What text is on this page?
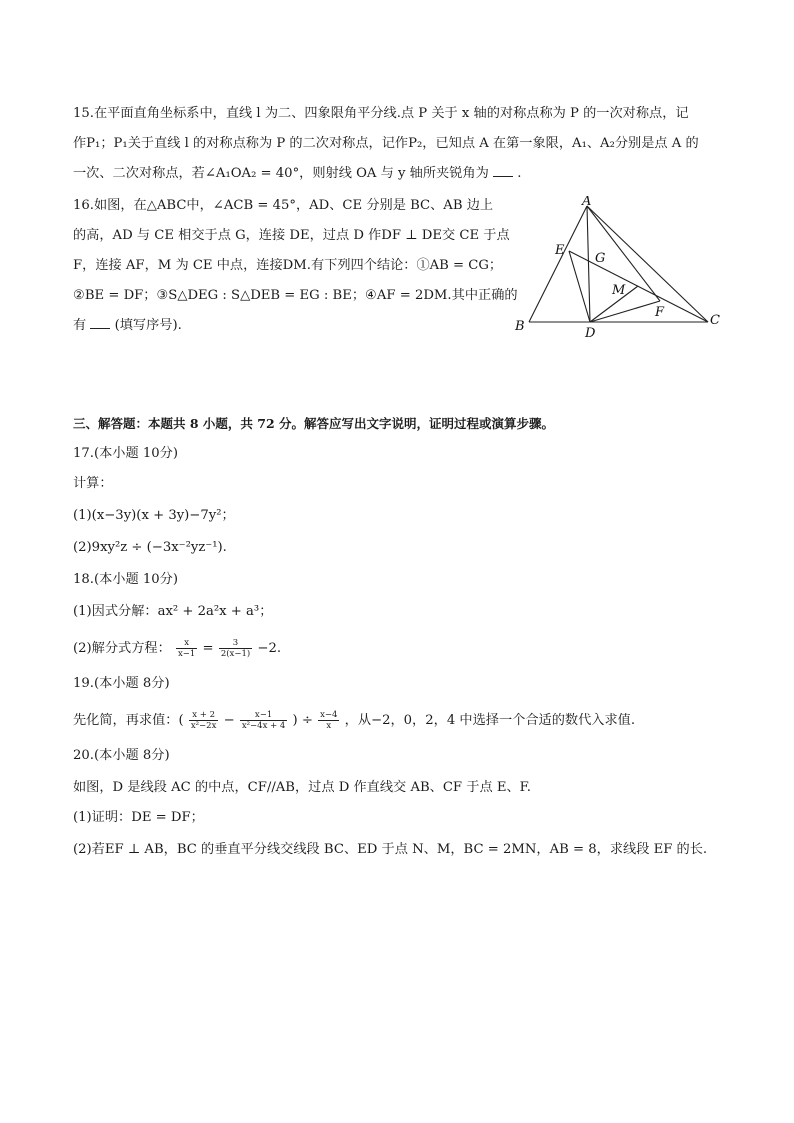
15.在平面直角坐标系中，直线 l 为二、四象限角平分线.点 P 关于 x 轴的对称点称为 P 的一次对称点，记
作P₁；P₁关于直线 l 的对称点称为 P 的二次对称点，记作P₂，已知点 A 在第一象限，A₁、A₂分别是点 A 的
一次、二次对称点，若∠A₁OA₂ = 40°，则射线 OA 与 y 轴所夹锐角为 .
16.如图，在△ABC中，∠ACB = 45°，AD、CE 分别是 BC、AB 边上
的高，AD 与 CE 相交于点 G，连接 DE，过点 D 作DF ⊥ DE交 CE 于点
F，连接 AF，M 为 CE 中点，连接DM.有下列四个结论：①AB = CG；
②BE = DF；③S△DEG : S△DEB = EG : BE；④AF = 2DM.其中正确的
有 (填写序号).
A
B	C
D
E
F
G
M
三、解答题：本题共 8 小题，共 72 分。解答应写出文字说明，证明过程或演算步骤。
17.(本小题 10分)
计算：
(1)(x−3y)(x + 3y)−7y²；
(2)9xy²z ÷ (−3x⁻²yz⁻¹).
18.(本小题 10分)
(1)因式分解：ax² + 2a²x + a³；
(2)解分式方程： $\frac{x}{x-1} = \frac{3}{2(x-1)} -2$.
19.(本小题 8分)
先化简，再求值：( $\frac{x + 2}{\text{x²−2x}} - \frac{x-1}{\text{x²−4x + 4}}$ ) ÷ $\frac{x-4}{x}$ ，从−2，0，2，4 中选择一个合适的数代入求值.
20.(本小题 8分)
如图，D 是线段 AC 的中点，CF//AB，过点 D 作直线交 AB、CF 于点 E、F.
(1)证明：DE = DF；
(2)若EF ⊥ AB，BC 的垂直平分线交线段 BC、ED 于点 N、M，BC = 2MN，AB = 8，求线段 EF 的长.
